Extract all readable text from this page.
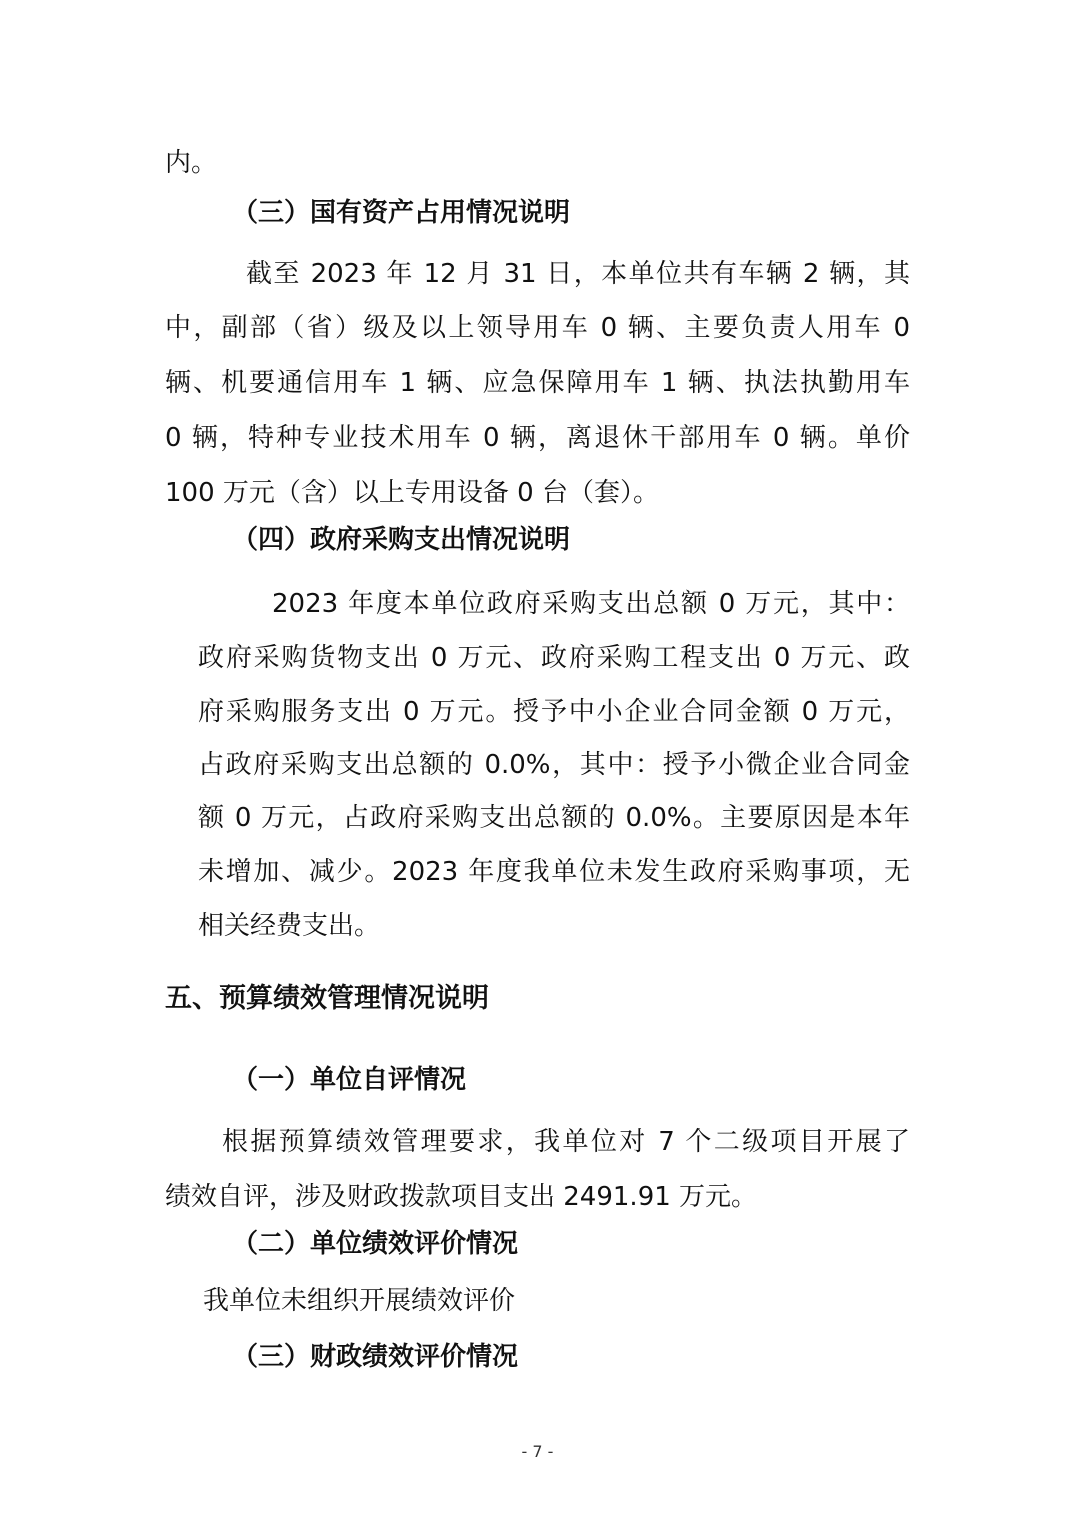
内。
（三）国有资产占用情况说明
截至 2023 年 12 月 31 日，本单位共有车辆 2 辆，其
中，副部（省）级及以上领导用车 0 辆、主要负责人用车 0
辆、机要通信用车 1 辆、应急保障用车 1 辆、执法执勤用车
0 辆，特种专业技术用车 0 辆，离退休干部用车 0 辆。单价
100 万元（含）以上专用设备 0 台（套）。
（四）政府采购支出情况说明
2023 年度本单位政府采购支出总额 0 万元，其中：
政府采购货物支出 0 万元、政府采购工程支出 0 万元、政
府采购服务支出 0 万元。授予中小企业合同金额 0 万元，
占政府采购支出总额的 0.0%，其中：授予小微企业合同金
额 0 万元，占政府采购支出总额的 0.0%。主要原因是本年
未增加、减少。2023 年度我单位未发生政府采购事项，无
相关经费支出。
五、预算绩效管理情况说明
（一）单位自评情况
根据预算绩效管理要求，我单位对 7 个二级项目开展了
绩效自评，涉及财政拨款项目支出 2491.91 万元。
（二）单位绩效评价情况
我单位未组织开展绩效评价
（三）财政绩效评价情况
- 7 -
